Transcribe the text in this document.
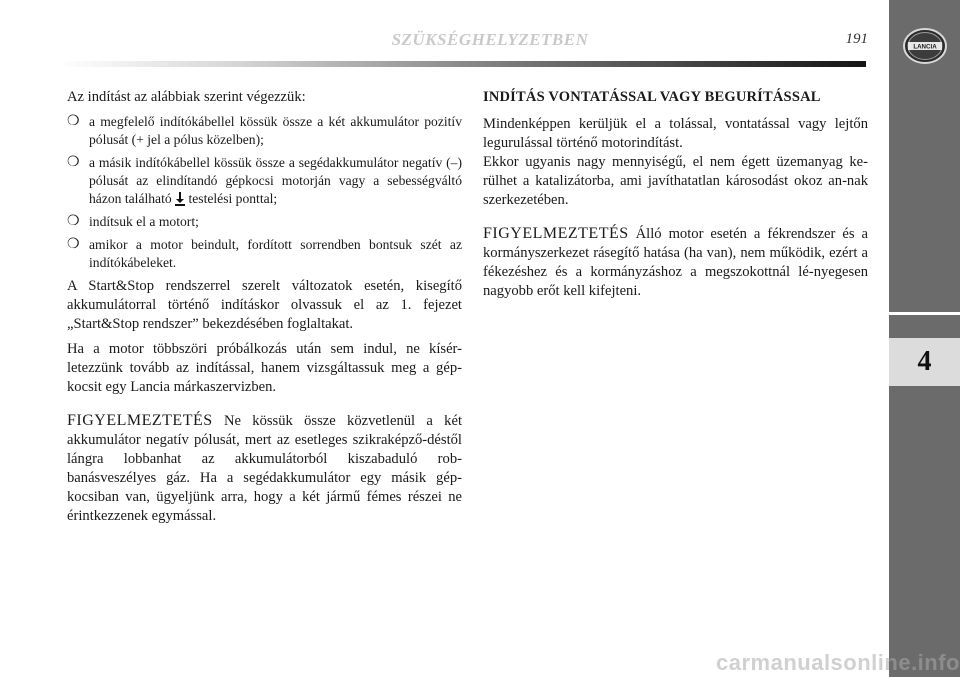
SZÜKSÉGHELYZETBEN	191
LANCIA
4

Az indítást az alábbiak szerint végezzük:

❍ a megfelelő indítókábellel kössük össze a két akkumulátor pozitív pólusát (+ jel a pólus közelben);
❍ a másik indítókábellel kössük össze a segédakkumulátor negatív (–) pólusát az elindítandó gépkocsi motorján vagy a sebességváltó házon található  testelési ponttal;
❍ indítsuk el a motort;
❍ amikor a motor beindult, fordított sorrendben bontsuk szét az indítókábeleket.

A Start&Stop rendszerrel szerelt változatok esetén, kisegítő akkumulátorral történő indításkor olvassuk el az 1. fejezet „Start&Stop rendszer” bekezdésében foglaltakat.

Ha a motor többszöri próbálkozás után sem indul, ne kísér-letezzünk tovább az indítással, hanem vizsgáltassuk meg a gép-kocsit egy Lancia márkaszervizben.

FIGYELMEZTETÉS Ne kössük össze közvetlenül a két akkumulátor negatív pólusát, mert az esetleges szikraképző-déstől lángra lobbanhat az akkumulátorból kiszabaduló rob-banásveszélyes gáz. Ha a segédakkumulátor egy másik gép-kocsiban van, ügyeljünk arra, hogy a két jármű fémes részei ne érintkezzenek egymással.

INDÍTÁS VONTATÁSSAL VAGY BEGURÍTÁSSAL

Mindenképpen kerüljük el a tolással, vontatással vagy lejtőn legurulással történő motorindítást.
Ekkor ugyanis nagy mennyiségű, el nem égett üzemanyag ke-rülhet a katalizátorba, ami javíthatatlan károsodást okoz an-nak szerkezetében.

FIGYELMEZTETÉS Álló motor esetén a fékrendszer és a kormányszerkezet rásegítő hatása (ha van), nem működik, ezért a fékezéshez és a kormányzáshoz a megszokottnál lé-nyegesen nagyobb erőt kell kifejteni.

carmanualsonline.info
